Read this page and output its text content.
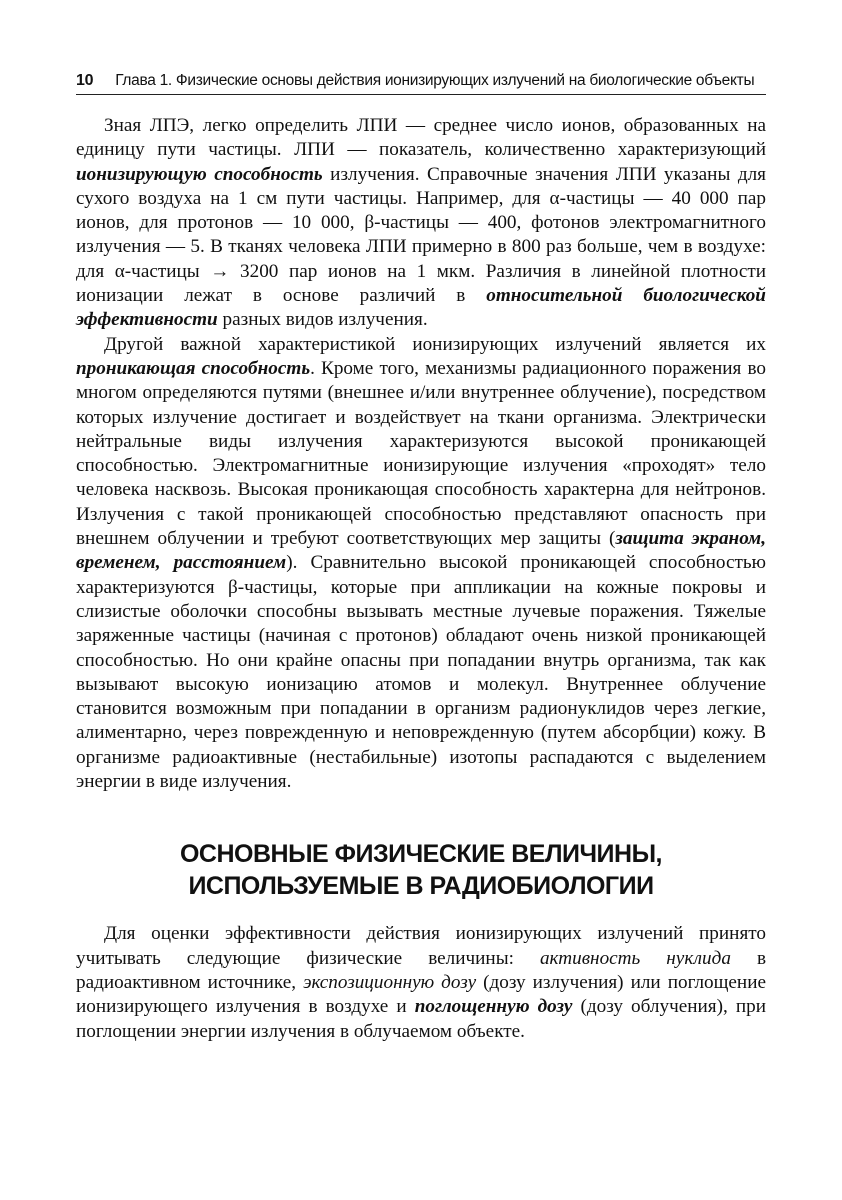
10 Глава 1. Физические основы действия ионизирующих излучений на биологические объекты

Зная ЛПЭ, легко определить ЛПИ — среднее число ионов, образованных на единицу пути частицы. ЛПИ — показатель, количественно характеризующий ионизирующую способность излучения. Справочные значения ЛПИ указаны для сухого воздуха на 1 см пути частицы. Например, для α-частицы — 40 000 пар ионов, для протонов — 10 000, β-частицы — 400, фотонов электромагнитного излучения — 5. В тканях человека ЛПИ примерно в 800 раз больше, чем в воздухе: для α-частицы → 3200 пар ионов на 1 мкм. Различия в линейной плотности ионизации лежат в основе различий в относительной биологической эффективности разных видов излучения.

Другой важной характеристикой ионизирующих излучений является их проникающая способность. Кроме того, механизмы радиационного поражения во многом определяются путями (внешнее и/или внутреннее облучение), посредством которых излучение достигает и воздействует на ткани организма. Электрически нейтральные виды излучения характеризуются высокой проникающей способностью. Электромагнитные ионизирующие излучения «проходят» тело человека насквозь. Высокая проникающая способность характерна для нейтронов. Излучения с такой проникающей способностью представляют опасность при внешнем облучении и требуют соответствующих мер защиты (защита экраном, временем, расстоянием). Сравнительно высокой проникающей способностью характеризуются β-частицы, которые при аппликации на кожные покровы и слизистые оболочки способны вызывать местные лучевые поражения. Тяжелые заряженные частицы (начиная с протонов) обладают очень низкой проникающей способностью. Но они крайне опасны при попадании внутрь организма, так как вызывают высокую ионизацию атомов и молекул. Внутреннее облучение становится возможным при попадании в организм радионуклидов через легкие, алиментарно, через поврежденную и неповрежденную (путем абсорбции) кожу. В организме радиоактивные (нестабильные) изотопы распадаются с выделением энергии в виде излучения.

ОСНОВНЫЕ ФИЗИЧЕСКИЕ ВЕЛИЧИНЫ,
ИСПОЛЬЗУЕМЫЕ В РАДИОБИОЛОГИИ

Для оценки эффективности действия ионизирующих излучений принято учитывать следующие физические величины: активность нуклида в радиоактивном источнике, экспозиционную дозу (дозу излучения) или поглощение ионизирующего излучения в воздухе и поглощенную дозу (дозу облучения), при поглощении энергии излучения в облучаемом объекте.
